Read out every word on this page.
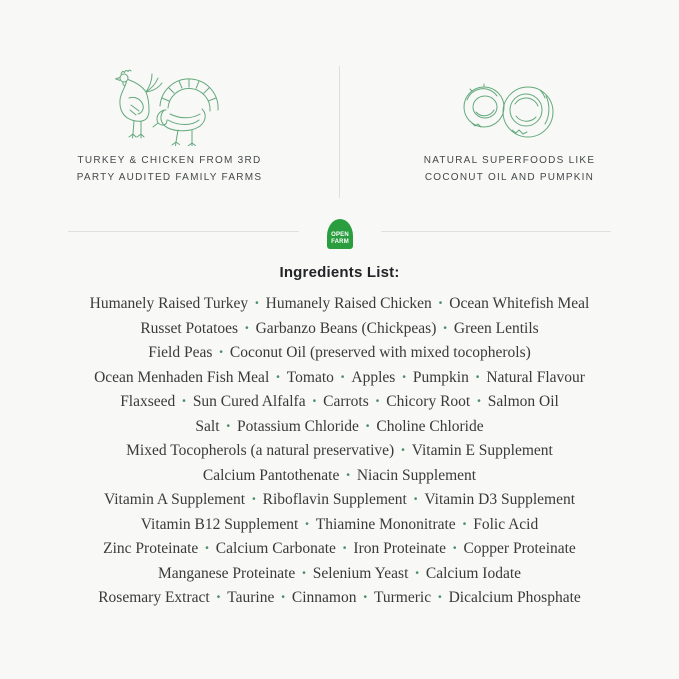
TURKEY & CHICKEN FROM 3RD
PARTY AUDITED FAMILY FARMS
NATURAL SUPERFOODS LIKE
COCONUT OIL AND PUMPKIN
OPEN
FARM
Ingredients List:
Humanely Raised Turkey • Humanely Raised Chicken • Ocean Whitefish Meal
Russet Potatoes • Garbanzo Beans (Chickpeas) • Green Lentils
Field Peas • Coconut Oil (preserved with mixed tocopherols)
Ocean Menhaden Fish Meal • Tomato • Apples • Pumpkin • Natural Flavour
Flaxseed • Sun Cured Alfalfa • Carrots • Chicory Root • Salmon Oil
Salt • Potassium Chloride • Choline Chloride
Mixed Tocopherols (a natural preservative) • Vitamin E Supplement
Calcium Pantothenate • Niacin Supplement
Vitamin A Supplement • Riboflavin Supplement • Vitamin D3 Supplement
Vitamin B12 Supplement • Thiamine Mononitrate • Folic Acid
Zinc Proteinate • Calcium Carbonate • Iron Proteinate • Copper Proteinate
Manganese Proteinate • Selenium Yeast • Calcium Iodate
Rosemary Extract • Taurine • Cinnamon • Turmeric • Dicalcium Phosphate
